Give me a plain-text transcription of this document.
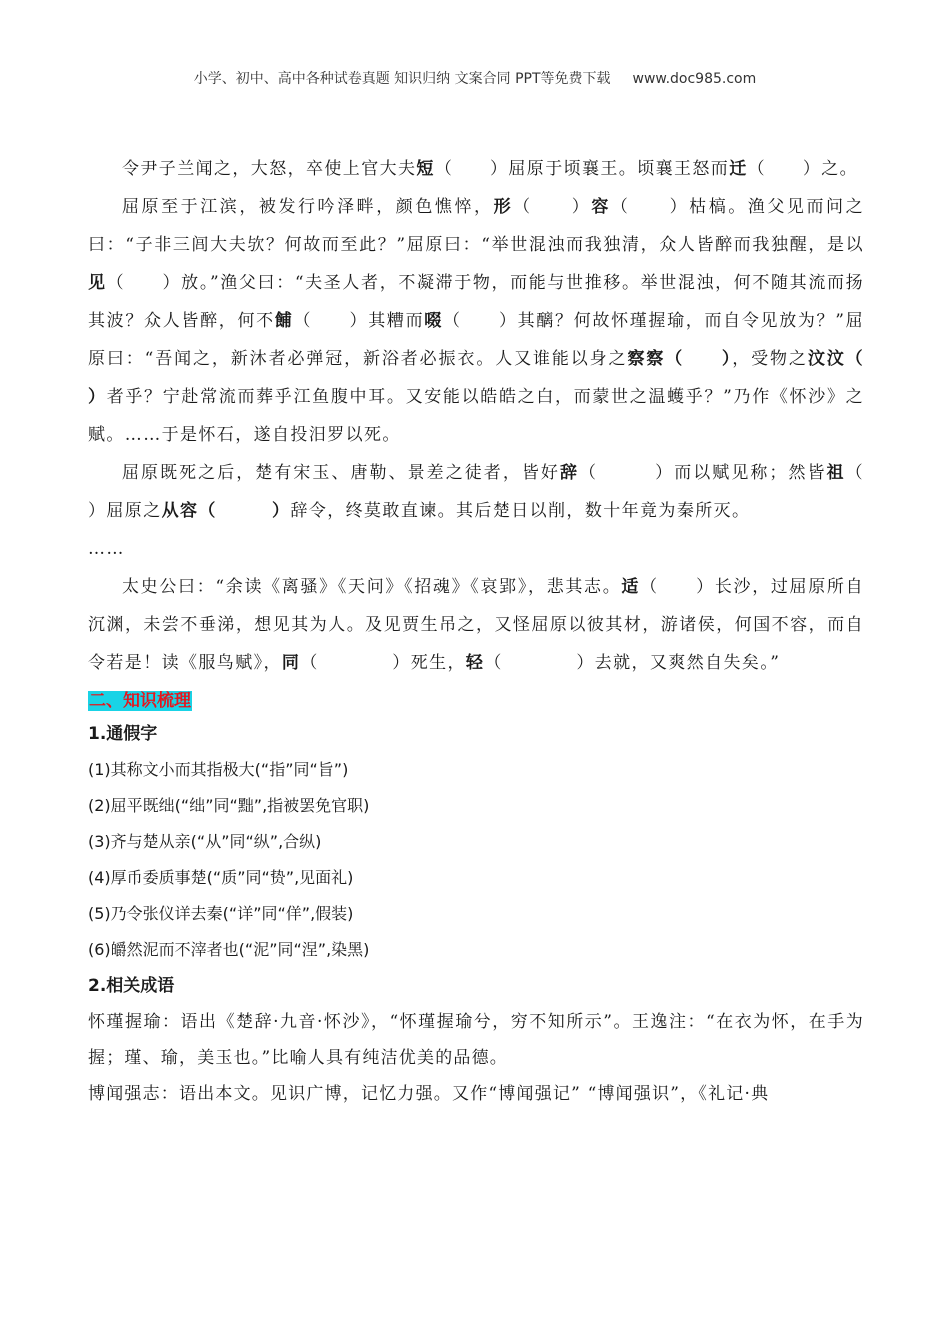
小学、初中、高中各种试卷真题 知识归纳 文案合同 PPT等免费下载 www.doc985.com

令尹子兰闻之，大怒，卒使上官大夫短（　　）屈原于顷襄王。顷襄王怒而迁（　　）之。

屈原至于江滨，被发行吟泽畔，颜色憔悴，形（　　）容（　　）枯槁。渔父见而问之曰：“子非三闾大夫欤？何故而至此？”屈原曰：“举世混浊而我独清，众人皆醉而我独醒，是以见（　　）放。”渔父曰：“夫圣人者，不凝滞于物，而能与世推移。举世混浊，何不随其流而扬其波？众人皆醉，何不餔（　　）其糟而啜（　　）其醨？何故怀瑾握瑜，而自令见放为？”屈原曰：“吾闻之，新沐者必弹冠，新浴者必振衣。人又谁能以身之察察（　　），受物之汶汶（　　　）者乎？宁赴常流而葬乎江鱼腹中耳。又安能以皓皓之白，而蒙世之温蠖乎？”乃作《怀沙》之赋。……于是怀石，遂自投汨罗以死。

屈原既死之后，楚有宋玉、唐勒、景差之徒者，皆好辞（　　　）而以赋见称；然皆祖（　　）屈原之从容（　　　）辞令，终莫敢直谏。其后楚日以削，数十年竟为秦所灭。

……

太史公曰：“余读《离骚》《天问》《招魂》《哀郢》，悲其志。适（　　）长沙，过屈原所自沉渊，未尝不垂涕，想见其为人。及见贾生吊之，又怪屈原以彼其材，游诸侯，何国不容，而自令若是！读《服鸟赋》，同（　　　　）死生，轻（　　　　）去就，又爽然自失矣。”

二、知识梳理

1.通假字

(1)其称文小而其指极大(“指”同“旨”)

(2)屈平既绌(“绌”同“黜”,指被罢免官职)

(3)齐与楚从亲(“从”同“纵”,合纵)

(4)厚币委质事楚(“质”同“贽”,见面礼)

(5)乃令张仪详去秦(“详”同“佯”,假装)

(6)皭然泥而不滓者也(“泥”同“涅”,染黑)

2.相关成语

怀瑾握瑜：语出《楚辞·九音·怀沙》，“怀瑾握瑜兮，穷不知所示”。王逸注：“在衣为怀，在手为握；瑾、瑜，美玉也。”比喻人具有纯洁优美的品德。

博闻强志：语出本文。见识广博，记忆力强。又作“博闻强记” “博闻强识”，《礼记·典
